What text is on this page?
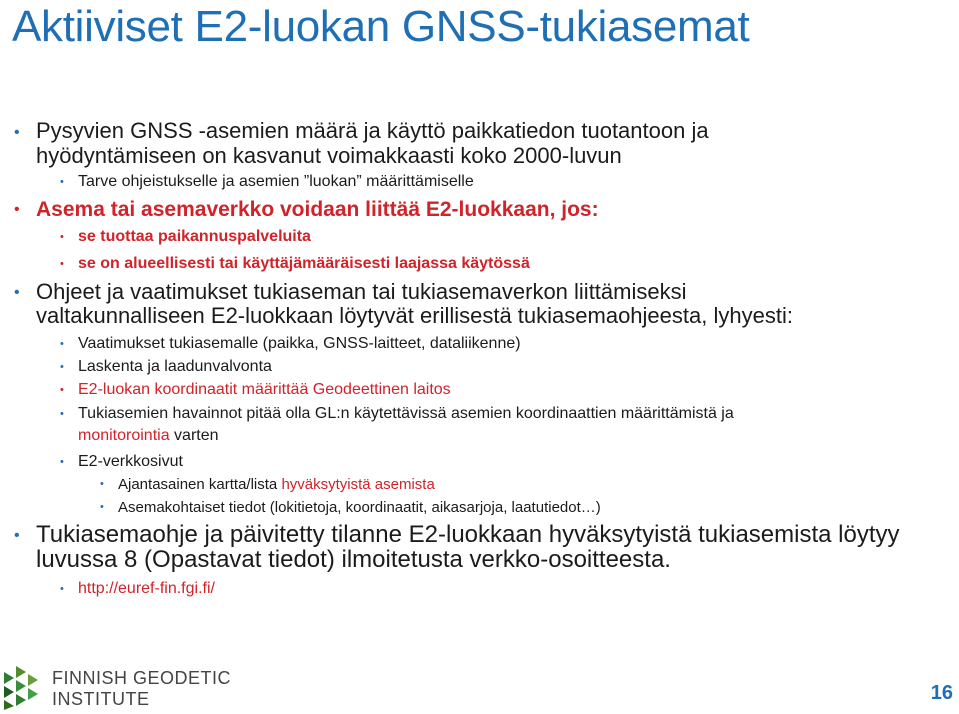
Aktiiviset E2-luokan GNSS-tukiasemat
• Pysyvien GNSS -asemien määrä ja käyttö paikkatiedon tuotantoon ja
hyödyntämiseen on kasvanut voimakkaasti koko 2000-luvun
• Tarve ohjeistukselle ja asemien ”luokan” määrittämiselle
• Asema tai asemaverkko voidaan liittää E2-luokkaan, jos:
• se tuottaa paikannuspalveluita
• se on alueellisesti tai käyttäjämääräisesti laajassa käytössä
• Ohjeet ja vaatimukset tukiaseman tai tukiasemaverkon liittämiseksi
valtakunnalliseen E2-luokkaan löytyvät erillisestä tukiasemaohjeesta, lyhyesti:
• Vaatimukset tukiasemalle (paikka, GNSS-laitteet, dataliikenne)
• Laskenta ja laadunvalvonta
• E2-luokan koordinaatit määrittää Geodeettinen laitos
• Tukiasemien havainnot pitää olla GL:n käytettävissä asemien koordinaattien määrittämistä ja
monitorointia varten
• E2-verkkosivut
• Ajantasainen kartta/lista hyväksytyistä asemista
• Asemakohtaiset tiedot (lokitietoja, koordinaatit, aikasarjoja, laatutiedot…)
• Tukiasemaohje ja päivitetty tilanne E2-luokkaan hyväksytyistä tukiasemista löytyy
luvussa 8 (Opastavat tiedot) ilmoitetusta verkko-osoitteesta.
• http://euref-fin.fgi.fi/
FINNISH GEODETIC
INSTITUTE	16
